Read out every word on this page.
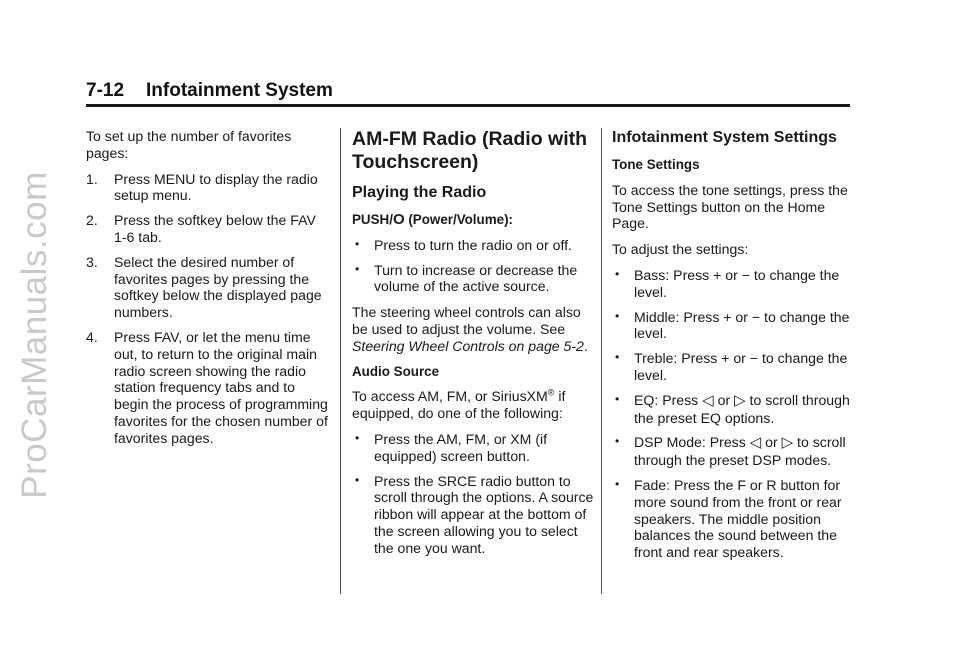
ProCarManuals.com
7-12 Infotainment System

To set up the number of favorites pages:

1. Press MENU to display the radio setup menu.
2. Press the softkey below the FAV 1-6 tab.
3. Select the desired number of favorites pages by pressing the softkey below the displayed page numbers.
4. Press FAV, or let the menu time out, to return to the original main radio screen showing the radio station frequency tabs and to begin the process of programming favorites for the chosen number of favorites pages.
AM-FM Radio (Radio with Touchscreen)
Playing the Radio

PUSH/O (Power/Volume):

• Press to turn the radio on or off.
• Turn to increase or decrease the volume of the active source.

The steering wheel controls can also be used to adjust the volume. See Steering Wheel Controls on page 5-2.

Audio Source

To access AM, FM, or SiriusXM® if equipped, do one of the following:

• Press the AM, FM, or XM (if equipped) screen button.
• Press the SRCE radio button to scroll through the options. A source ribbon will appear at the bottom of the screen allowing you to select the one you want.
Infotainment System Settings

Tone Settings

To access the tone settings, press the Tone Settings button on the Home Page.

To adjust the settings:

• Bass: Press + or − to change the level.
• Middle: Press + or − to change the level.
• Treble: Press + or − to change the level.
• EQ: Press ◁ or ▷ to scroll through the preset EQ options.
• DSP Mode: Press ◁ or ▷ to scroll through the preset DSP modes.
• Fade: Press the F or R button for more sound from the front or rear speakers. The middle position balances the sound between the front and rear speakers.
